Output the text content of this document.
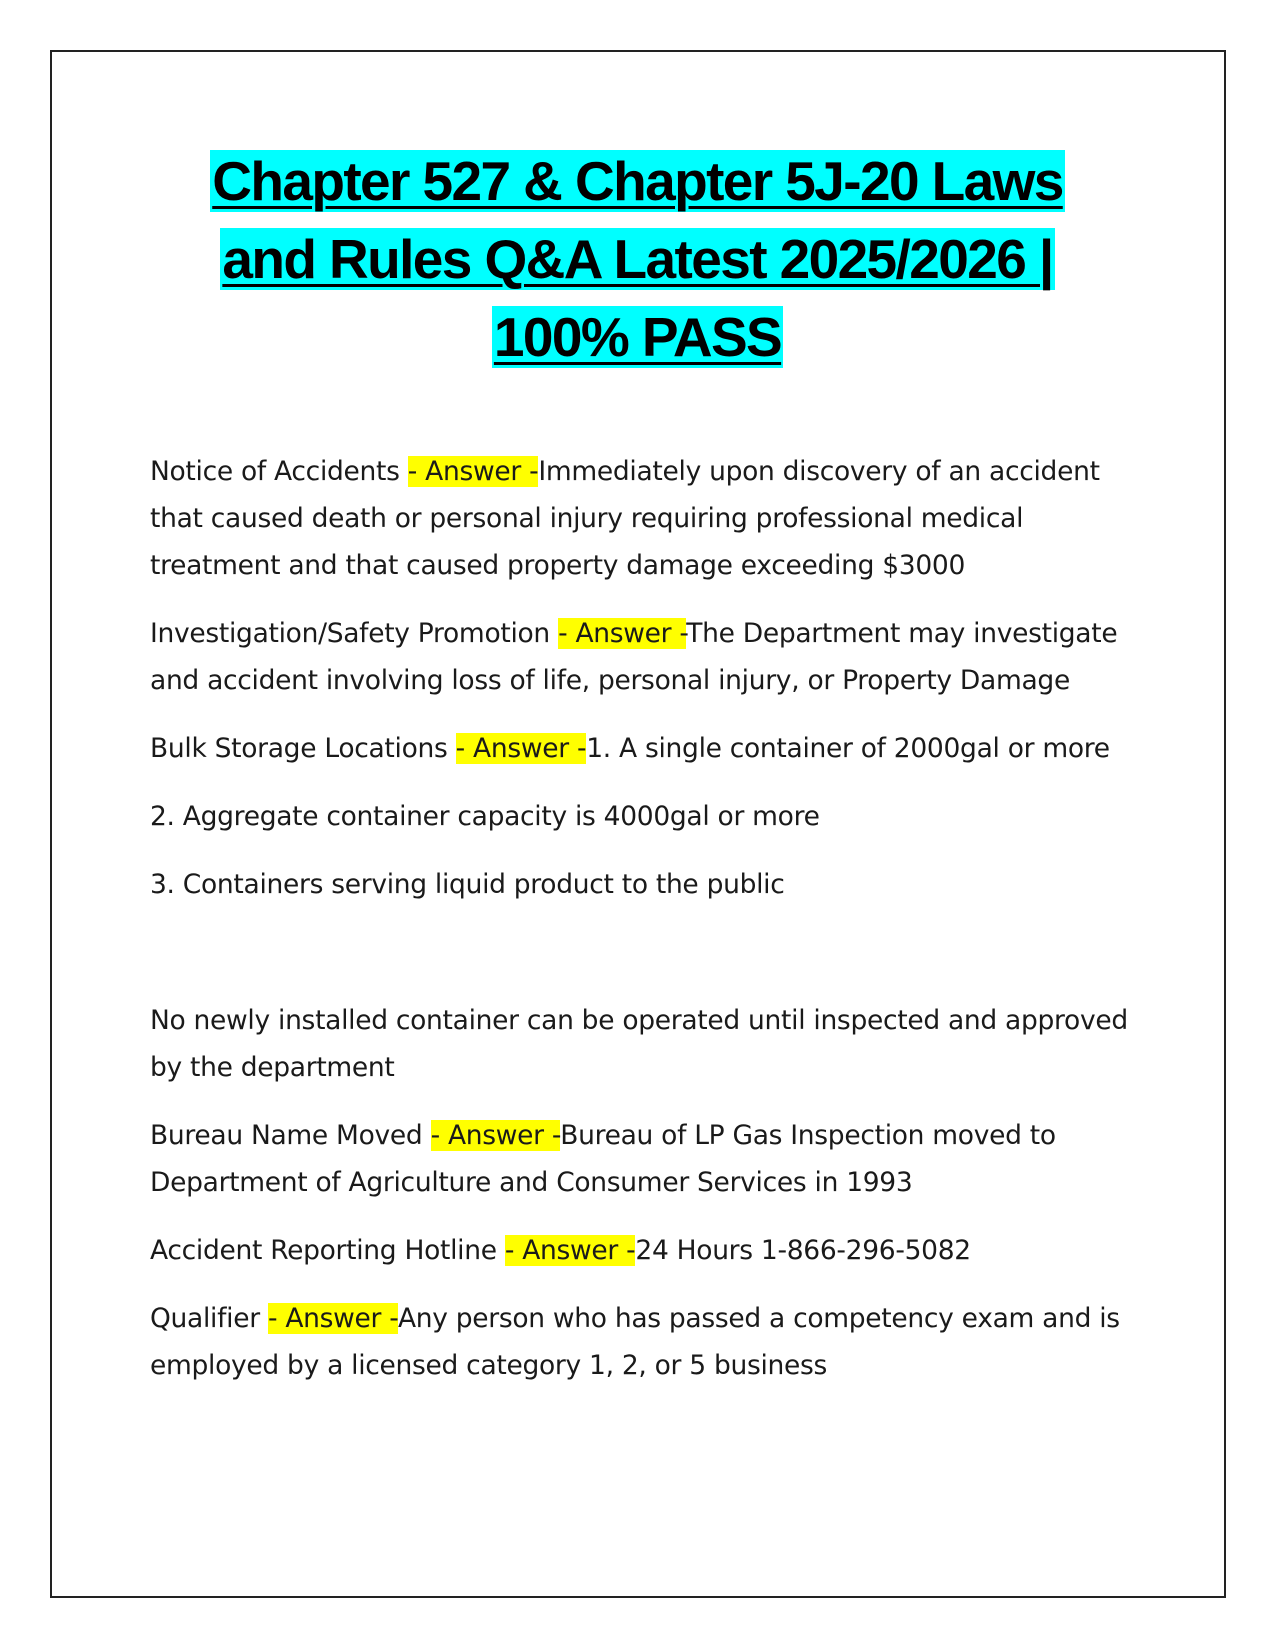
Chapter 527 & Chapter 5J-20 Laws
and Rules Q&A Latest 2025/2026 |
100% PASS

Notice of Accidents - Answer -Immediately upon discovery of an accident that caused death or personal injury requiring professional medical treatment and that caused property damage exceeding $3000

Investigation/Safety Promotion - Answer -The Department may investigate and accident involving loss of life, personal injury, or Property Damage

Bulk Storage Locations - Answer -1. A single container of 2000gal or more

2. Aggregate container capacity is 4000gal or more

3. Containers serving liquid product to the public

No newly installed container can be operated until inspected and approved by the department

Bureau Name Moved - Answer -Bureau of LP Gas Inspection moved to Department of Agriculture and Consumer Services in 1993

Accident Reporting Hotline - Answer -24 Hours 1-866-296-5082

Qualifier - Answer -Any person who has passed a competency exam and is employed by a licensed category 1, 2, or 5 business
